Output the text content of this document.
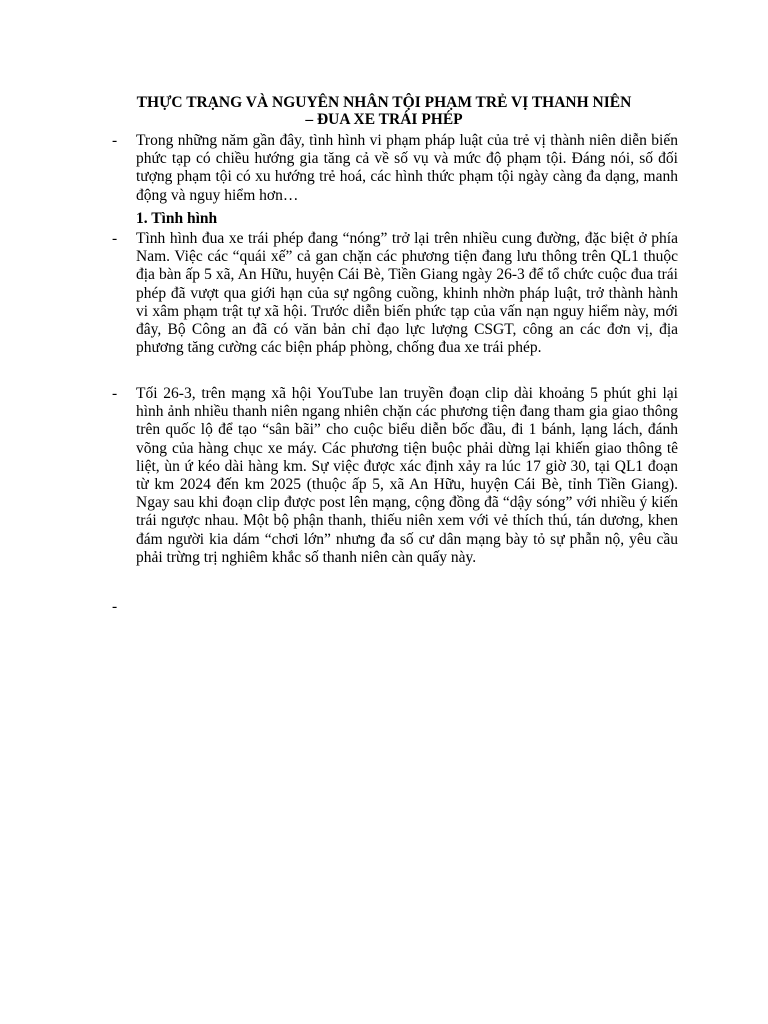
THỰC TRẠNG VÀ NGUYÊN NHÂN TỘI PHẠM TRẺ VỊ THANH NIÊN
– ĐUA XE TRÁI PHÉP
- Trong những năm gần đây, tình hình vi phạm pháp luật của trẻ vị thành niên diễn biến phức tạp có chiều hướng gia tăng cả về số vụ và mức độ phạm tội. Đáng nói, số đối tượng phạm tội có xu hướng trẻ hoá, các hình thức phạm tội ngày càng đa dạng, manh động và nguy hiểm hơn…
1. Tình hình
- Tình hình đua xe trái phép đang “nóng” trở lại trên nhiều cung đường, đặc biệt ở phía Nam. Việc các “quái xế” cả gan chặn các phương tiện đang lưu thông trên QL1 thuộc địa bàn ấp 5 xã, An Hữu, huyện Cái Bè, Tiền Giang ngày 26-3 để tổ chức cuộc đua trái phép đã vượt qua giới hạn của sự ngông cuồng, khinh nhờn pháp luật, trở thành hành vi xâm phạm trật tự xã hội. Trước diễn biến phức tạp của vấn nạn nguy hiểm này, mới đây, Bộ Công an đã có văn bản chỉ đạo lực lượng CSGT, công an các đơn vị, địa phương tăng cường các biện pháp phòng, chống đua xe trái phép.
- Tối 26-3, trên mạng xã hội YouTube lan truyền đoạn clip dài khoảng 5 phút ghi lại hình ảnh nhiều thanh niên ngang nhiên chặn các phương tiện đang tham gia giao thông trên quốc lộ để tạo “sân bãi” cho cuộc biểu diễn bốc đầu, đi 1 bánh, lạng lách, đánh võng của hàng chục xe máy. Các phương tiện buộc phải dừng lại khiến giao thông tê liệt, ùn ứ kéo dài hàng km. Sự việc được xác định xảy ra lúc 17 giờ 30, tại QL1 đoạn từ km 2024 đến km 2025 (thuộc ấp 5, xã An Hữu, huyện Cái Bè, tỉnh Tiền Giang). Ngay sau khi đoạn clip được post lên mạng, cộng đồng đã “dậy sóng” với nhiều ý kiến trái ngược nhau. Một bộ phận thanh, thiếu niên xem với vẻ thích thú, tán dương, khen đám người kia dám “chơi lớn” nhưng đa số cư dân mạng bày tỏ sự phẫn nộ, yêu cầu phải trừng trị nghiêm khắc số thanh niên càn quấy này.
-
